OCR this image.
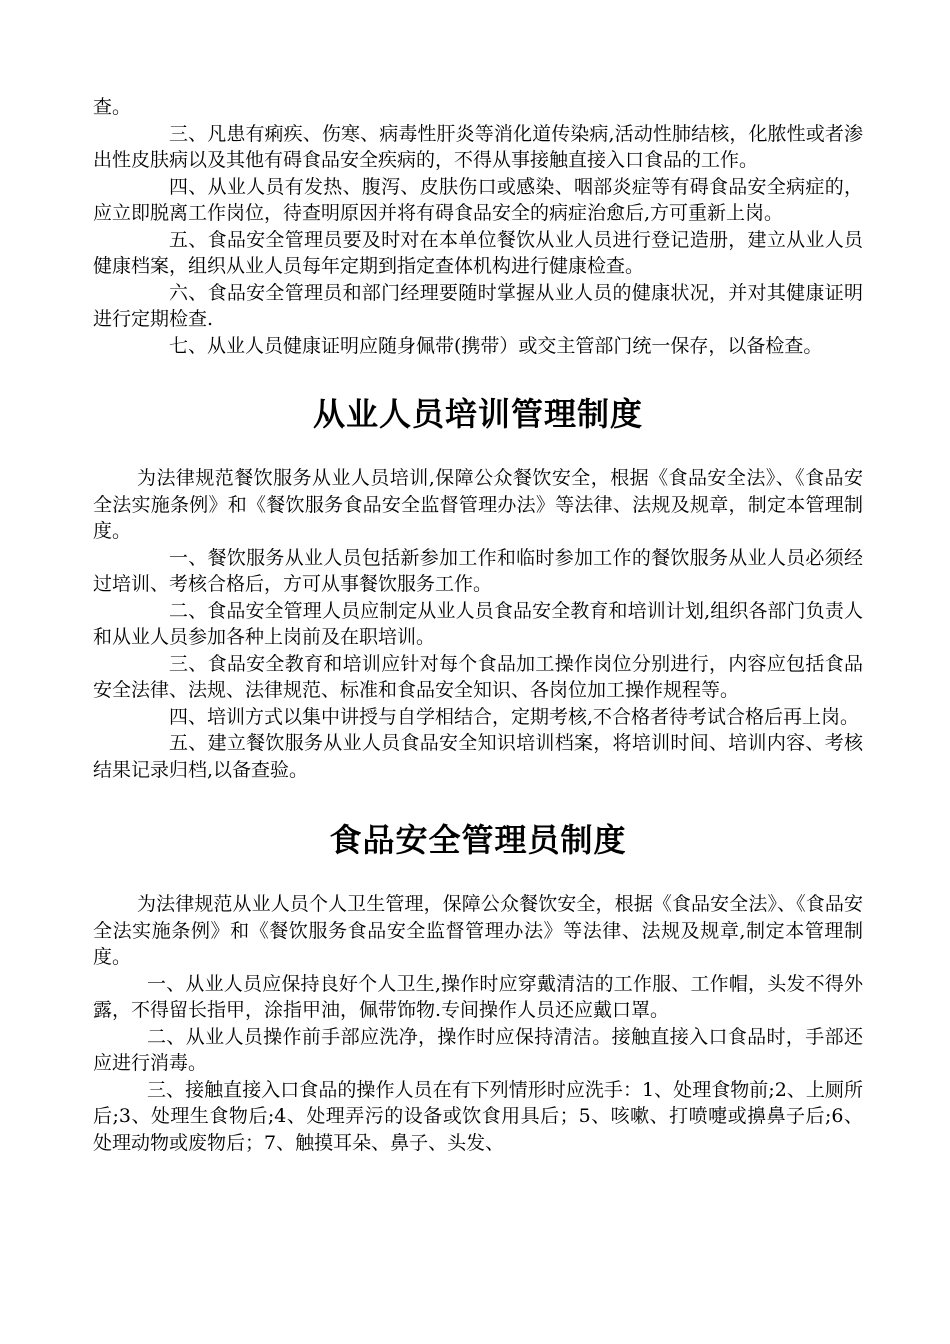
查。

三、凡患有痢疾、伤寒、病毒性肝炎等消化道传染病,活动性肺结核，化脓性或者渗出性皮肤病以及其他有碍食品安全疾病的，不得从事接触直接入口食品的工作。

四、从业人员有发热、腹泻、皮肤伤口或感染、咽部炎症等有碍食品安全病症的，应立即脱离工作岗位，待查明原因并将有碍食品安全的病症治愈后,方可重新上岗。

五、食品安全管理员要及时对在本单位餐饮从业人员进行登记造册，建立从业人员健康档案，组织从业人员每年定期到指定查体机构进行健康检查。

六、食品安全管理员和部门经理要随时掌握从业人员的健康状况，并对其健康证明进行定期检查.

七、从业人员健康证明应随身佩带(携带）或交主管部门统一保存，以备检查。

从业人员培训管理制度

为法律规范餐饮服务从业人员培训,保障公众餐饮安全，根据《食品安全法》、《食品安全法实施条例》和《餐饮服务食品安全监督管理办法》等法律、法规及规章，制定本管理制度。

一、餐饮服务从业人员包括新参加工作和临时参加工作的餐饮服务从业人员必须经过培训、考核合格后，方可从事餐饮服务工作。

二、食品安全管理人员应制定从业人员食品安全教育和培训计划,组织各部门负责人和从业人员参加各种上岗前及在职培训。

三、食品安全教育和培训应针对每个食品加工操作岗位分别进行，内容应包括食品安全法律、法规、法律规范、标准和食品安全知识、各岗位加工操作规程等。

四、培训方式以集中讲授与自学相结合，定期考核,不合格者待考试合格后再上岗。

五、建立餐饮服务从业人员食品安全知识培训档案，将培训时间、培训内容、考核结果记录归档,以备查验。

食品安全管理员制度

为法律规范从业人员个人卫生管理，保障公众餐饮安全，根据《食品安全法》、《食品安全法实施条例》和《餐饮服务食品安全监督管理办法》等法律、法规及规章,制定本管理制度。

一、从业人员应保持良好个人卫生,操作时应穿戴清洁的工作服、工作帽，头发不得外露，不得留长指甲，涂指甲油，佩带饰物.专间操作人员还应戴口罩。

二、从业人员操作前手部应洗净，操作时应保持清洁。接触直接入口食品时，手部还应进行消毒。

三、接触直接入口食品的操作人员在有下列情形时应洗手：1、处理食物前;2、上厕所后;3、处理生食物后;4、处理弄污的设备或饮食用具后；5、咳嗽、打喷嚏或擤鼻子后;6、处理动物或废物后；7、触摸耳朵、鼻子、头发、
